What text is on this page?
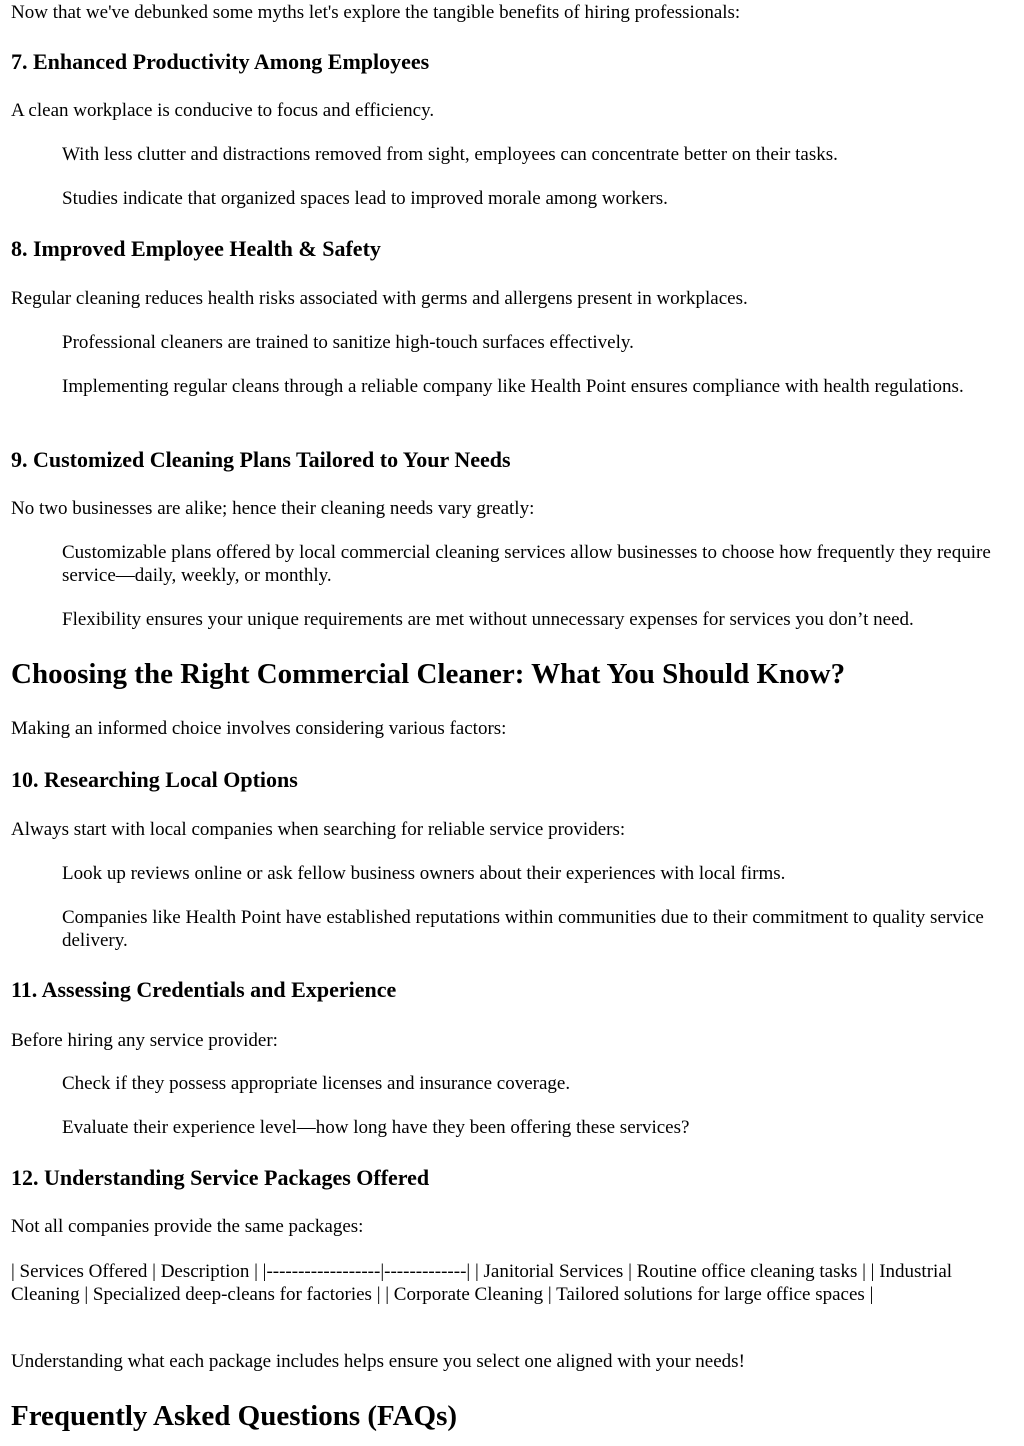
Now that we've debunked some myths let's explore the tangible benefits of hiring professionals:

7. Enhanced Productivity Among Employees

A clean workplace is conducive to focus and efficiency.

With less clutter and distractions removed from sight, employees can concentrate better on their tasks.

Studies indicate that organized spaces lead to improved morale among workers.

8. Improved Employee Health & Safety

Regular cleaning reduces health risks associated with germs and allergens present in workplaces.

Professional cleaners are trained to sanitize high-touch surfaces effectively.

Implementing regular cleans through a reliable company like Health Point ensures compliance with health regulations.

9. Customized Cleaning Plans Tailored to Your Needs

No two businesses are alike; hence their cleaning needs vary greatly:

Customizable plans offered by local commercial cleaning services allow businesses to choose how frequently they require service—daily, weekly, or monthly.

Flexibility ensures your unique requirements are met without unnecessary expenses for services you don’t need.

Choosing the Right Commercial Cleaner: What You Should Know?

Making an informed choice involves considering various factors:

10. Researching Local Options

Always start with local companies when searching for reliable service providers:

Look up reviews online or ask fellow business owners about their experiences with local firms.

Companies like Health Point have established reputations within communities due to their commitment to quality service delivery.

11. Assessing Credentials and Experience

Before hiring any service provider:

Check if they possess appropriate licenses and insurance coverage.

Evaluate their experience level—how long have they been offering these services?

12. Understanding Service Packages Offered

Not all companies provide the same packages:

| Services Offered | Description | |------------------|-------------| | Janitorial Services | Routine office cleaning tasks | | Industrial Cleaning | Specialized deep-cleans for factories | | Corporate Cleaning | Tailored solutions for large office spaces |

Understanding what each package includes helps ensure you select one aligned with your needs!

Frequently Asked Questions (FAQs)
